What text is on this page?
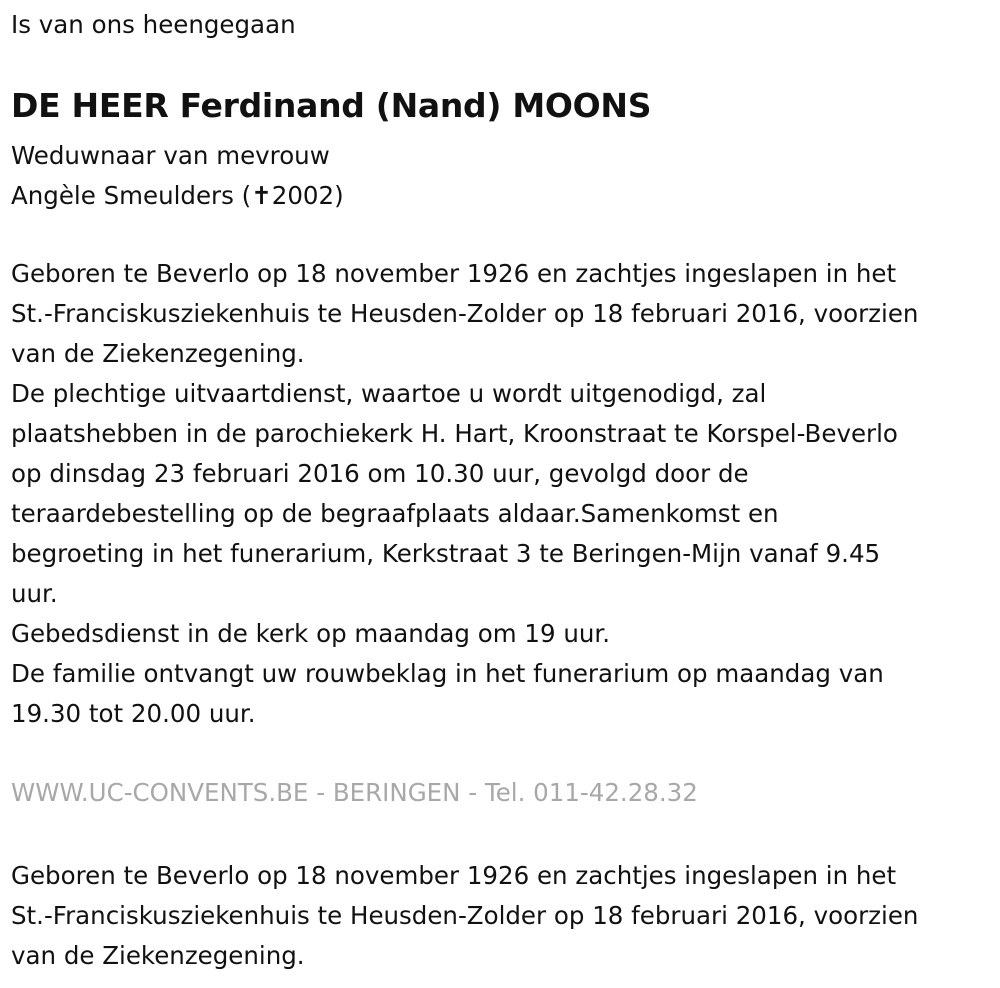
Is van ons heengegaan
DE HEER Ferdinand (Nand) MOONS
Weduwnaar van mevrouw
Angèle Smeulders (✝2002)
Geboren te Beverlo op 18 november 1926 en zachtjes ingeslapen in het
St.-Franciskusziekenhuis te Heusden-Zolder op 18 februari 2016, voorzien
van de Ziekenzegening.
De plechtige uitvaartdienst, waartoe u wordt uitgenodigd, zal
plaatshebben in de parochiekerk H. Hart, Kroonstraat te Korspel-Beverlo
op dinsdag 23 februari 2016 om 10.30 uur, gevolgd door de
teraardebestelling op de begraafplaats aldaar.Samenkomst en
begroeting in het funerarium, Kerkstraat 3 te Beringen-Mijn vanaf 9.45
uur.
Gebedsdienst in de kerk op maandag om 19 uur.
De familie ontvangt uw rouwbeklag in het funerarium op maandag van
19.30 tot 20.00 uur.
WWW.UC-CONVENTS.BE - BERINGEN - Tel. 011-42.28.32
Geboren te Beverlo op 18 november 1926 en zachtjes ingeslapen in het
St.-Franciskusziekenhuis te Heusden-Zolder op 18 februari 2016, voorzien
van de Ziekenzegening.
